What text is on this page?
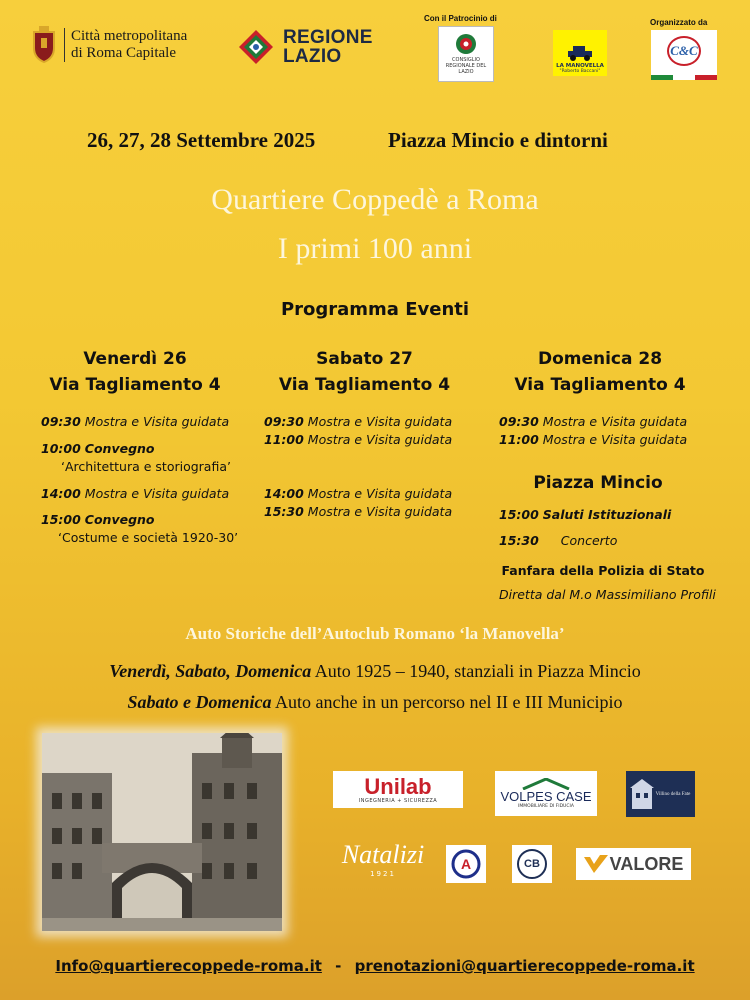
Città metropolitana
di Roma Capitale
REGIONE
LAZIO
Con il Patrocinio di
CONSIGLIO REGIONALE DEL LAZIO
LA MANOVELLA
"Roberto Baccani"
Organizzato da
C&C
26, 27, 28 Settembre 2025	Piazza Mincio e dintorni
Quartiere Coppedè a Roma
I primi 100 anni
Programma Eventi
Venerdì 26
Via Tagliamento 4
09:30 Mostra e Visita guidata
10:00 Convegno
‘Architettura e storiografia’
14:00 Mostra e Visita guidata
15:00 Convegno
‘Costume e società 1920-30’
Sabato 27
Via Tagliamento 4
09:30 Mostra e Visita guidata
11:00 Mostra e Visita guidata
14:00 Mostra e Visita guidata
15:30 Mostra e Visita guidata
Domenica 28
Via Tagliamento 4
09:30 Mostra e Visita guidata
11:00 Mostra e Visita guidata
Piazza Mincio
15:00 Saluti Istituzionali
15:30 Concerto
Fanfara della Polizia di Stato
Diretta dal M.o Massimiliano Profili
Auto Storiche dell’Autoclub Romano ‘la Manovella’
Venerdì, Sabato, Domenica Auto 1925 – 1940, stanziali in Piazza Mincio
Sabato e Domenica Auto anche in un percorso nel II e III Municipio
Unilab
INGEGNERIA + SICUREZZA	VOLPES CASE
IMMOBILIARE DI FIDUCIA
Villino della Fate
Natalizi
1921
A	CB	VALORE
Info@quartierecoppede-roma.it - prenotazioni@quartierecoppede-roma.it
